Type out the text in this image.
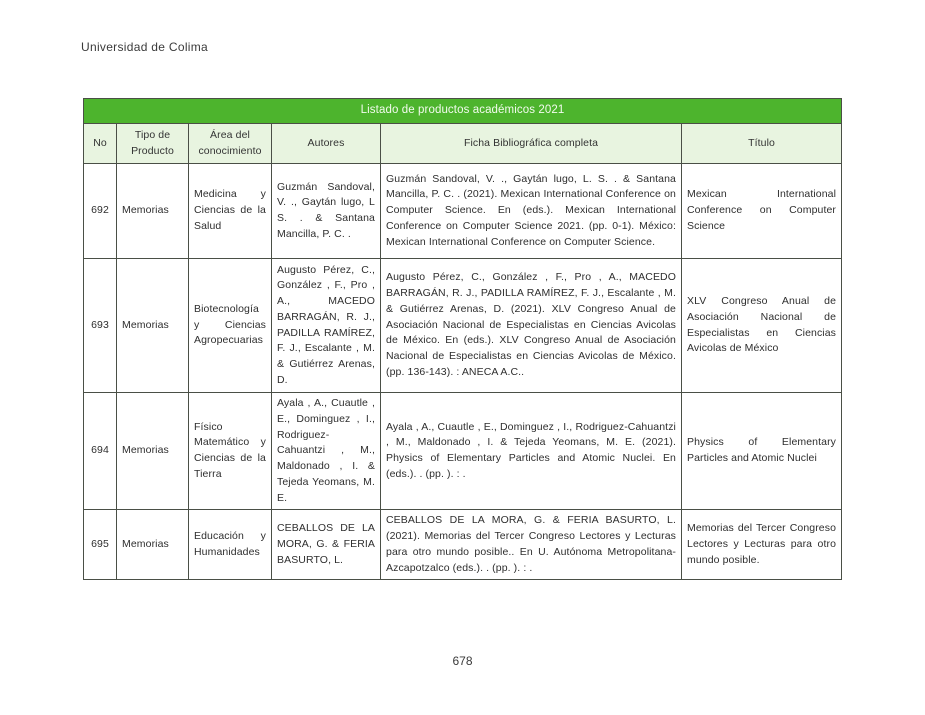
Universidad de Colima
Listado de productos académicos 2021					
No	Tipo de Producto	Área del conocimiento	Autores	Ficha Bibliográfica completa	Título
692	Memorias	Medicina y Ciencias de la Salud	Guzmán Sandoval, V. ., Gaytán lugo, L S. . & Santana Mancilla, P. C. .	Guzmán Sandoval, V. ., Gaytán lugo, L. S. . & Santana Mancilla, P. C. . (2021). Mexican International Conference on Computer Science. En (eds.). Mexican International Conference on Computer Science 2021. (pp. 0-1). México: Mexican International Conference on Computer Science.	Mexican International Conference on Computer Science
693	Memorias	Biotecnología y Ciencias Agropecuarias	Augusto Pérez, C., González , F., Pro , A., MACEDO BARRAGÁN, R. J., PADILLA RAMÍREZ, F. J., Escalante , M. & Gutiérrez Arenas, D.	Augusto Pérez, C., González , F., Pro , A., MACEDO BARRAGÁN, R. J., PADILLA RAMÍREZ, F. J., Escalante , M. & Gutiérrez Arenas, D. (2021). XLV Congreso Anual de Asociación Nacional de Especialistas en Ciencias Avicolas de México. En (eds.). XLV Congreso Anual de Asociación Nacional de Especialistas en Ciencias Avicolas de México. (pp. 136-143). : ANECA A.C..	XLV Congreso Anual de Asociación Nacional de Especialistas en Ciencias Avicolas de México
694	Memorias	Físico Matemático y Ciencias de la Tierra	Ayala , A., Cuautle , E., Dominguez , I., Rodriguez-Cahuantzi , M., Maldonado , I. & Tejeda Yeomans, M. E.	Ayala , A., Cuautle , E., Dominguez , I., Rodriguez-Cahuantzi , M., Maldonado , I. & Tejeda Yeomans, M. E. (2021). Physics of Elementary Particles and Atomic Nuclei. En (eds.). . (pp. ). : .	Physics of Elementary Particles and Atomic Nuclei
695	Memorias	Educación y Humanidades	CEBALLOS DE LA MORA, G. & FERIA BASURTO, L.	CEBALLOS DE LA MORA, G. & FERIA BASURTO, L. (2021). Memorias del Tercer Congreso Lectores y Lecturas para otro mundo posible.. En U. Autónoma Metropolitana-Azcapotzalco (eds.). . (pp. ). : .	Memorias del Tercer Congreso Lectores y Lecturas para otro mundo posible.
678
